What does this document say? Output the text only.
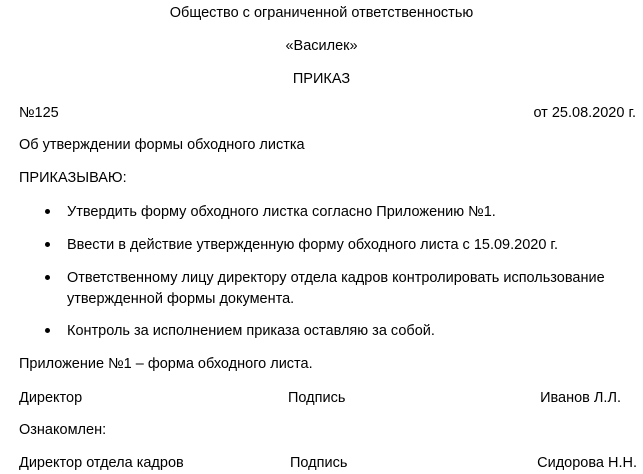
Общество с ограниченной ответственностью
«Василек»
ПРИКАЗ
№125	от 25.08.2020 г.
Об утверждении формы обходного листка
ПРИКАЗЫВАЮ:
Утвердить форму обходного листка согласно Приложению №1.
Ввести в действие утвержденную форму обходного листа с 15.09.2020 г.
Ответственному лицу директору отдела кадров контролировать использование
утвержденной формы документа.
Контроль за исполнением приказа оставляю за собой.
Приложение №1 – форма обходного листа.
Директор	Подпись	Иванов Л.Л.
Ознакомлен:
Директор отдела кадров	Подпись	Сидорова Н.Н.
